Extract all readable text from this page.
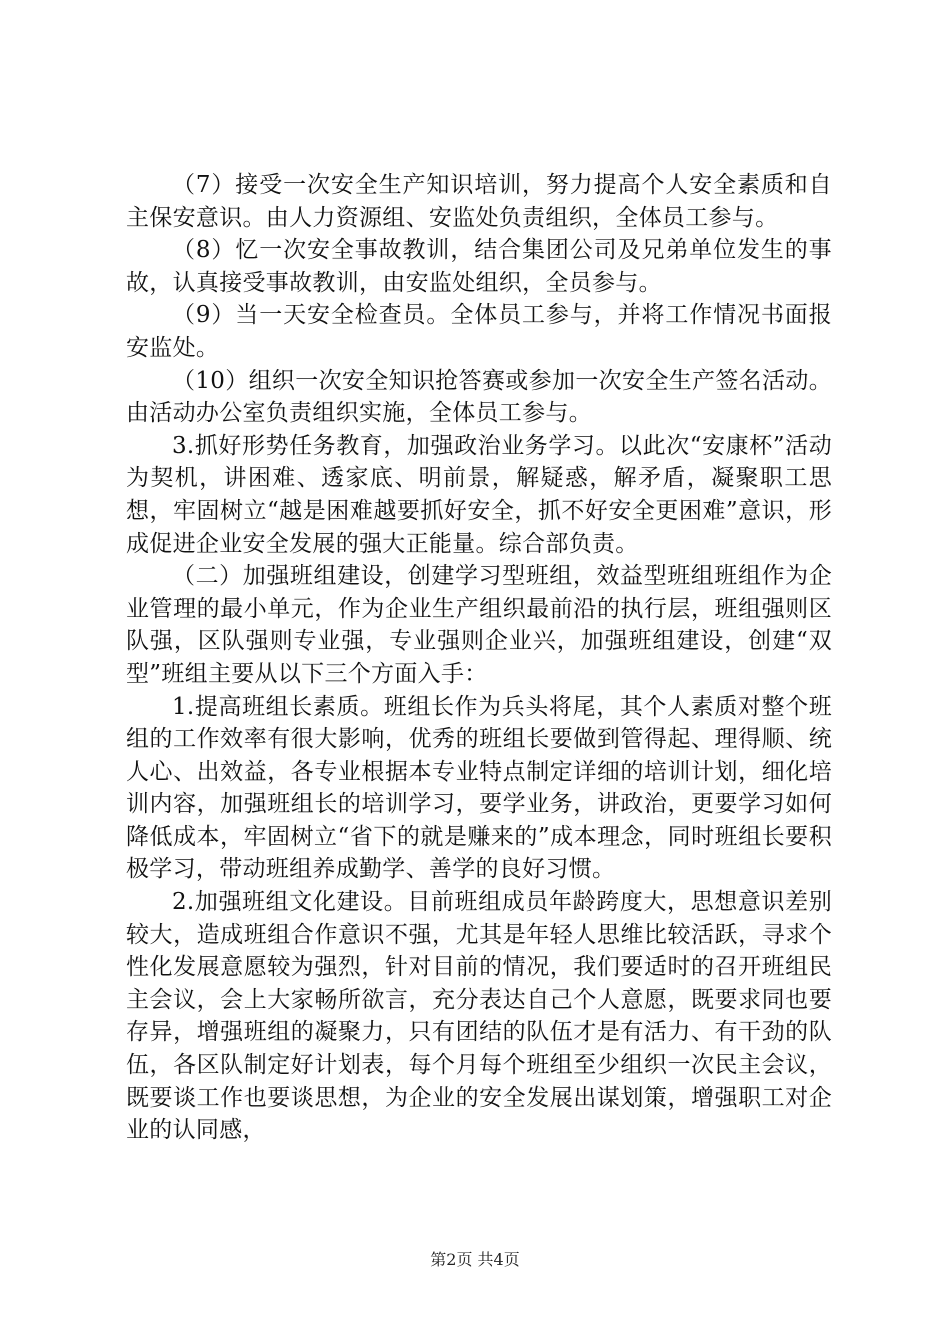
（7）接受一次安全生产知识培训，努力提高个人安全素质和自主保安意识。由人力资源组、安监处负责组织，全体员工参与。

（8）忆一次安全事故教训，结合集团公司及兄弟单位发生的事故，认真接受事故教训，由安监处组织，全员参与。

（9）当一天安全检查员。全体员工参与，并将工作情况书面报安监处。

（10）组织一次安全知识抢答赛或参加一次安全生产签名活动。由活动办公室负责组织实施，全体员工参与。

3.抓好形势任务教育，加强政治业务学习。以此次“安康杯”活动为契机，讲困难、透家底、明前景，解疑惑，解矛盾，凝聚职工思想，牢固树立“越是困难越要抓好安全，抓不好安全更困难”意识，形成促进企业安全发展的强大正能量。综合部负责。

（二）加强班组建设，创建学习型班组，效益型班组班组作为企业管理的最小单元，作为企业生产组织最前沿的执行层，班组强则区队强，区队强则专业强，专业强则企业兴，加强班组建设，创建“双型”班组主要从以下三个方面入手：

1.提高班组长素质。班组长作为兵头将尾，其个人素质对整个班组的工作效率有很大影响，优秀的班组长要做到管得起、理得顺、统人心、出效益，各专业根据本专业特点制定详细的培训计划，细化培训内容，加强班组长的培训学习，要学业务，讲政治，更要学习如何降低成本，牢固树立“省下的就是赚来的”成本理念，同时班组长要积极学习，带动班组养成勤学、善学的良好习惯。

2.加强班组文化建设。目前班组成员年龄跨度大，思想意识差别较大，造成班组合作意识不强，尤其是年轻人思维比较活跃，寻求个性化发展意愿较为强烈，针对目前的情况，我们要适时的召开班组民主会议，会上大家畅所欲言，充分表达自己个人意愿，既要求同也要存异，增强班组的凝聚力，只有团结的队伍才是有活力、有干劲的队伍，各区队制定好计划表，每个月每个班组至少组织一次民主会议，既要谈工作也要谈思想，为企业的安全发展出谋划策，增强职工对企业的认同感，

第2页 共4页
